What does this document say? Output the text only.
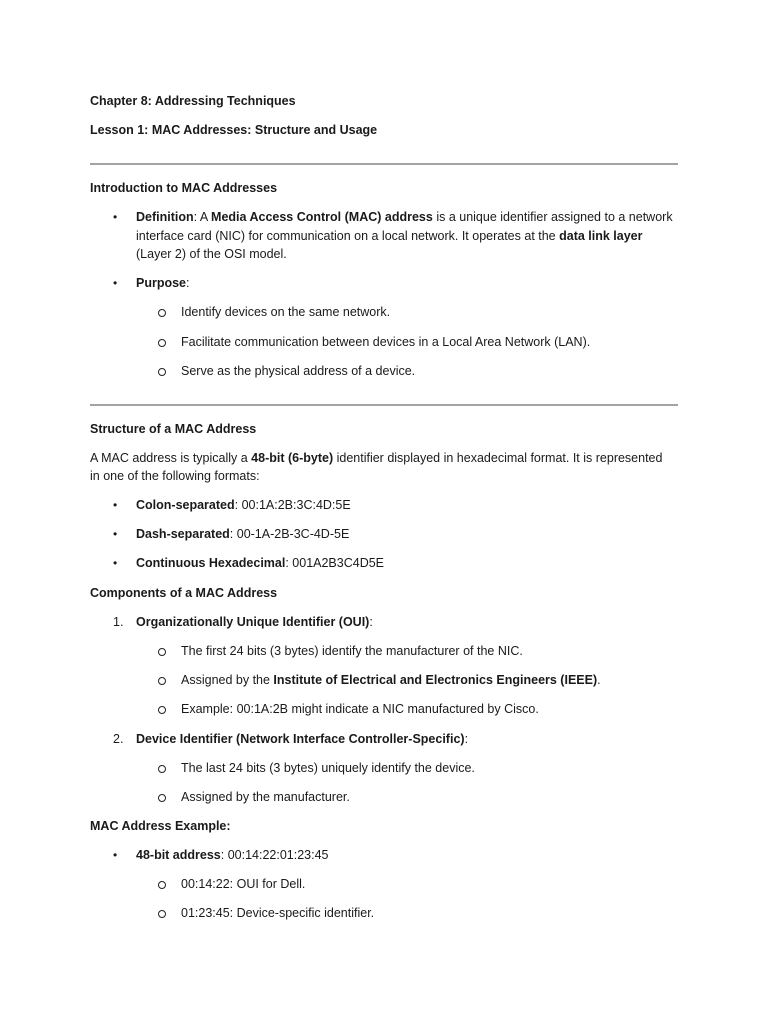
Chapter 8: Addressing Techniques
Lesson 1: MAC Addresses: Structure and Usage
Introduction to MAC Addresses
• Definition: A Media Access Control (MAC) address is a unique identifier assigned to a network
interface card (NIC) for communication on a local network. It operates at the data link layer
(Layer 2) of the OSI model.
• Purpose:
Identify devices on the same network.
Facilitate communication between devices in a Local Area Network (LAN).
Serve as the physical address of a device.
Structure of a MAC Address
A MAC address is typically a 48-bit (6-byte) identifier displayed in hexadecimal format. It is represented
in one of the following formats:
• Colon-separated: 00:1A:2B:3C:4D:5E
• Dash-separated: 00-1A-2B-3C-4D-5E
• Continuous Hexadecimal: 001A2B3C4D5E
Components of a MAC Address
1. Organizationally Unique Identifier (OUI):
The first 24 bits (3 bytes) identify the manufacturer of the NIC.
Assigned by the Institute of Electrical and Electronics Engineers (IEEE).
Example: 00:1A:2B might indicate a NIC manufactured by Cisco.
2. Device Identifier (Network Interface Controller-Specific):
The last 24 bits (3 bytes) uniquely identify the device.
Assigned by the manufacturer.
MAC Address Example:
• 48-bit address: 00:14:22:01:23:45
00:14:22: OUI for Dell.
01:23:45: Device-specific identifier.
